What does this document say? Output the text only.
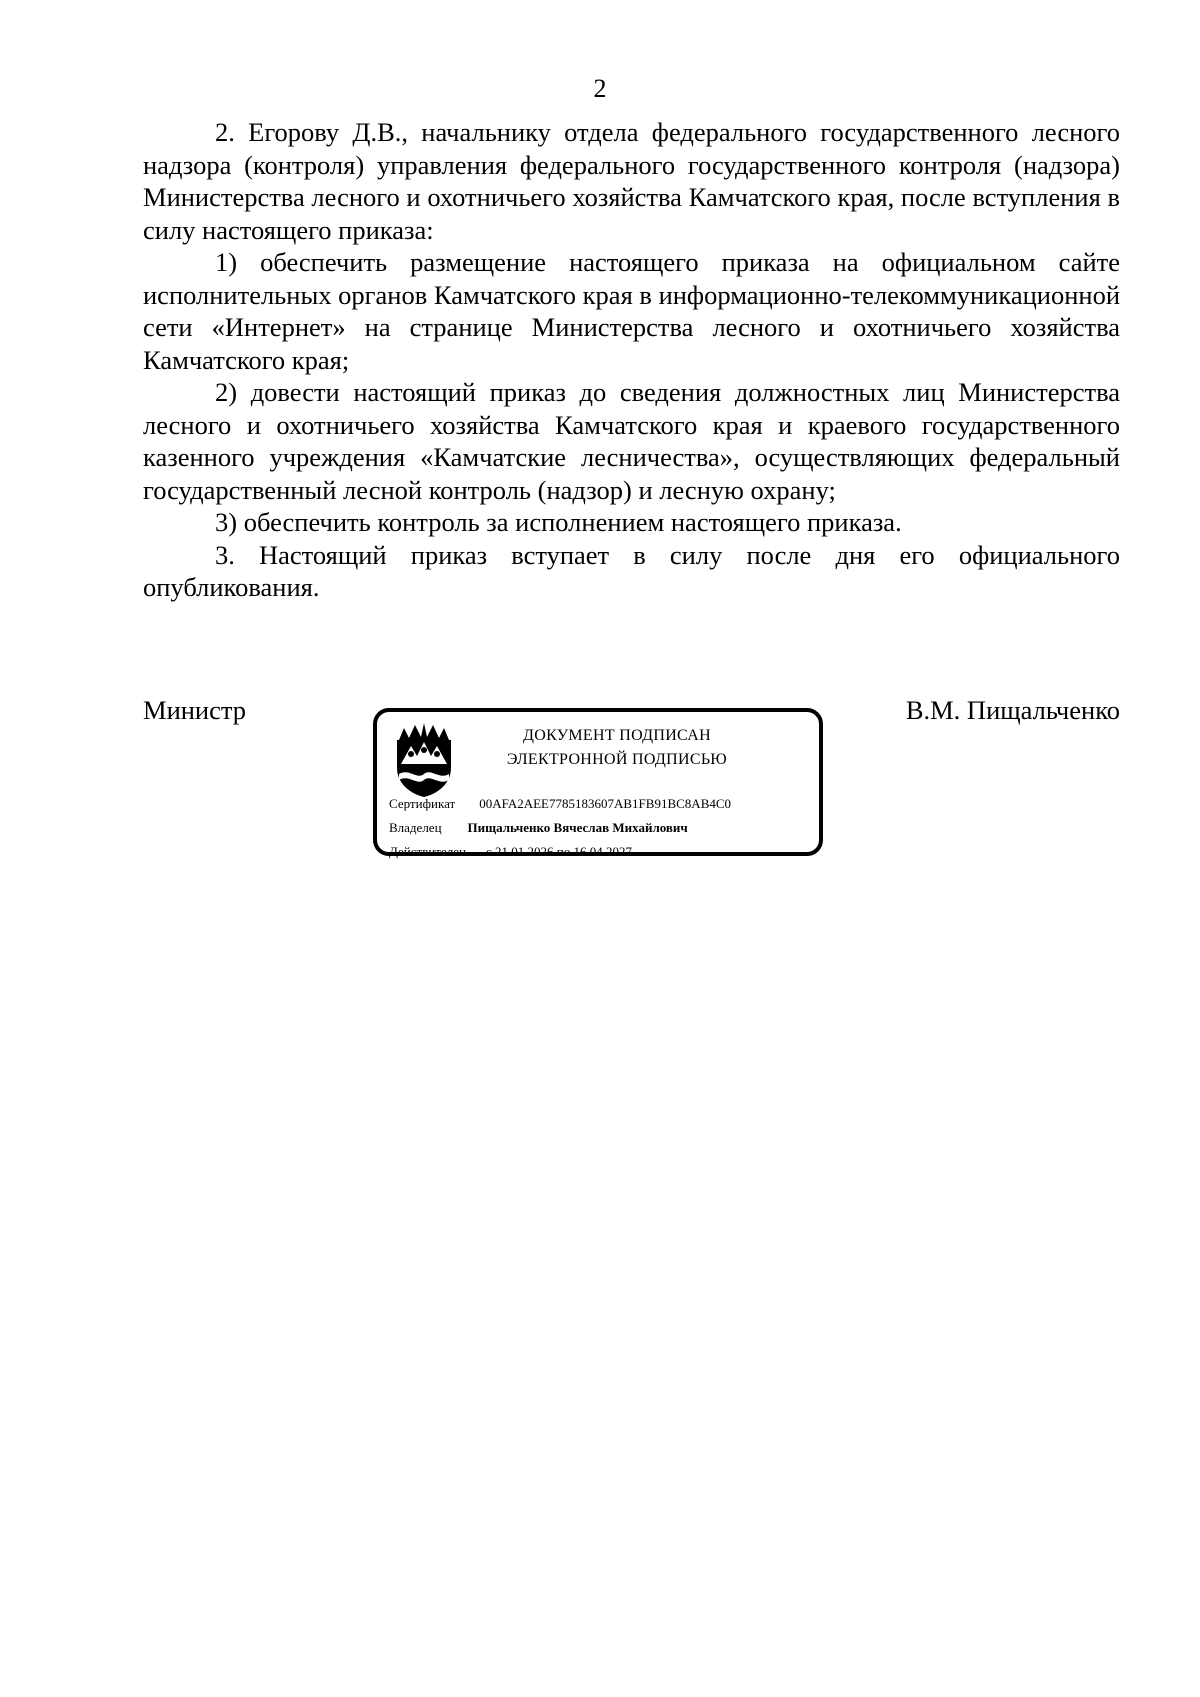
2

2. Егорову Д.В., начальнику отдела федерального государственного лесного надзора (контроля) управления федерального государственного контроля (надзора) Министерства лесного и охотничьего хозяйства Камчатского края, после вступления в силу настоящего приказа:

1) обеспечить размещение настоящего приказа на официальном сайте исполнительных органов Камчатского края в информационно-телекоммуникационной сети «Интернет» на странице Министерства лесного и охотничьего хозяйства Камчатского края;

2) довести настоящий приказ до сведения должностных лиц Министерства лесного и охотничьего хозяйства Камчатского края и краевого государственного казенного учреждения «Камчатские лесничества», осуществляющих федеральный государственный лесной контроль (надзор) и лесную охрану;

3) обеспечить контроль за исполнением настоящего приказа.

3. Настоящий приказ вступает в силу после дня его официального опубликования.

Министр
ДОКУМЕНТ ПОДПИСАН
ЭЛЕКТРОННОЙ ПОДПИСЬЮ
Сертификат 00AFA2AEE7785183607AB1FB91BC8AB4C0
Владелец Пищальченко Вячеслав Михайлович
Действителен с 21.01.2026 по 16.04.2027
В.М. Пищальченко
